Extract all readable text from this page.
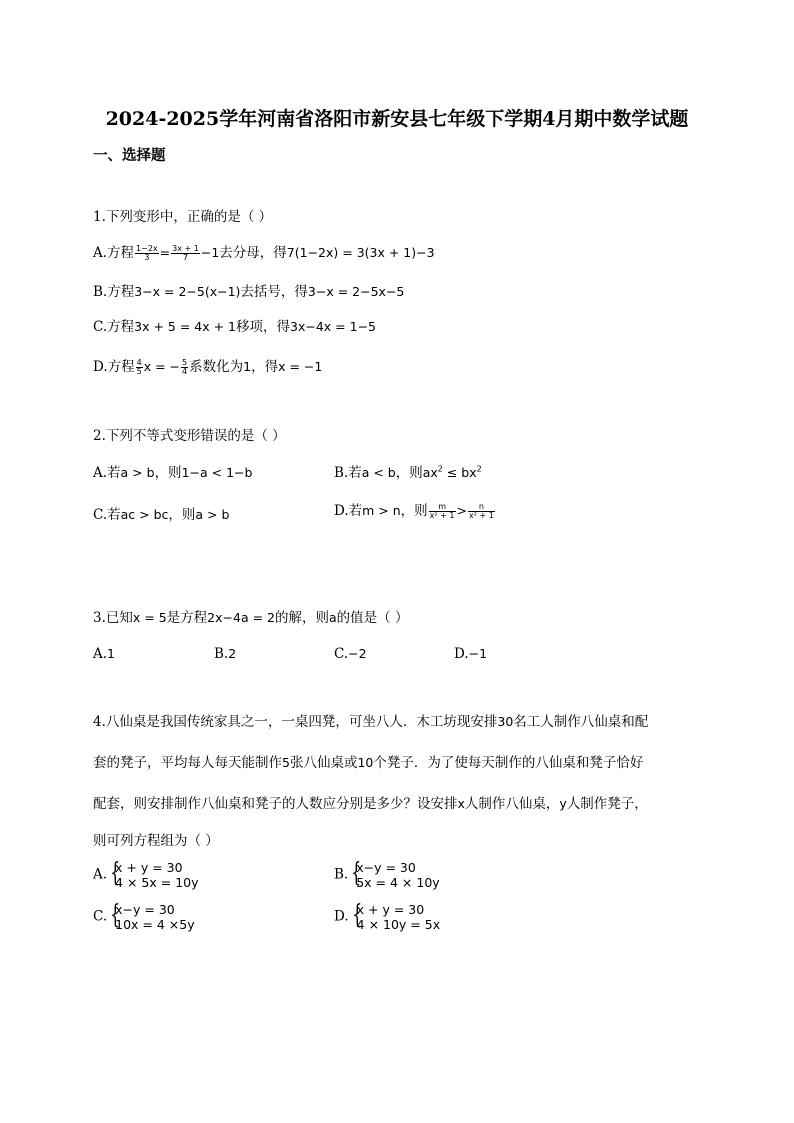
2024-2025学年河南省洛阳市新安县七年级下学期4月期中数学试题
一、选择题
1.下列变形中，正确的是（ ）
A.方程 $\frac{1-2x}{3} = \frac{3x + 1}{7} -1$去分母，得7(1−2x) = 3(3x + 1)−3
B.方程3−x = 2−5(x−1)去括号，得3−x = 2−5x−5
C.方程3x + 5 = 4x + 1移项，得3x−4x = 1−5
D.方程 $\frac{4}{5}$ x = − $\frac{5}{4}$ 系数化为1，得x = −1
2.下列不等式变形错误的是（ ）
A.若a > b，则1−a < 1−b	B.若a < b，则$ax^2 \le bx^2$
C.若ac > bc，则a > b	D.若m > n，则 $\frac{m}{\text{x² + 1}} > \frac{n}{\text{x² + 1}}$
3.已知x = 5是方程2x−4a = 2的解，则a的值是（ ）
A.1	B.2	C.−2	D.−1
4.八仙桌是我国传统家具之一，一桌四凳，可坐八人．木工坊现安排30名工人制作八仙桌和配
套的凳子，平均每人每天能制作5张八仙桌或10个凳子．为了使每天制作的八仙桌和凳子恰好
配套，则安排制作八仙桌和凳子的人数应分别是多少？设安排x人制作八仙桌，y人制作凳子，
则可列方程组为（ ）
A. {
x + y = 30
4 × 5x = 10y	B. {
x−y = 30
5x = 4 × 10y
C. {
x−y = 30
10x = 4 ×5y	D. {
x + y = 30
4 × 10y = 5x
